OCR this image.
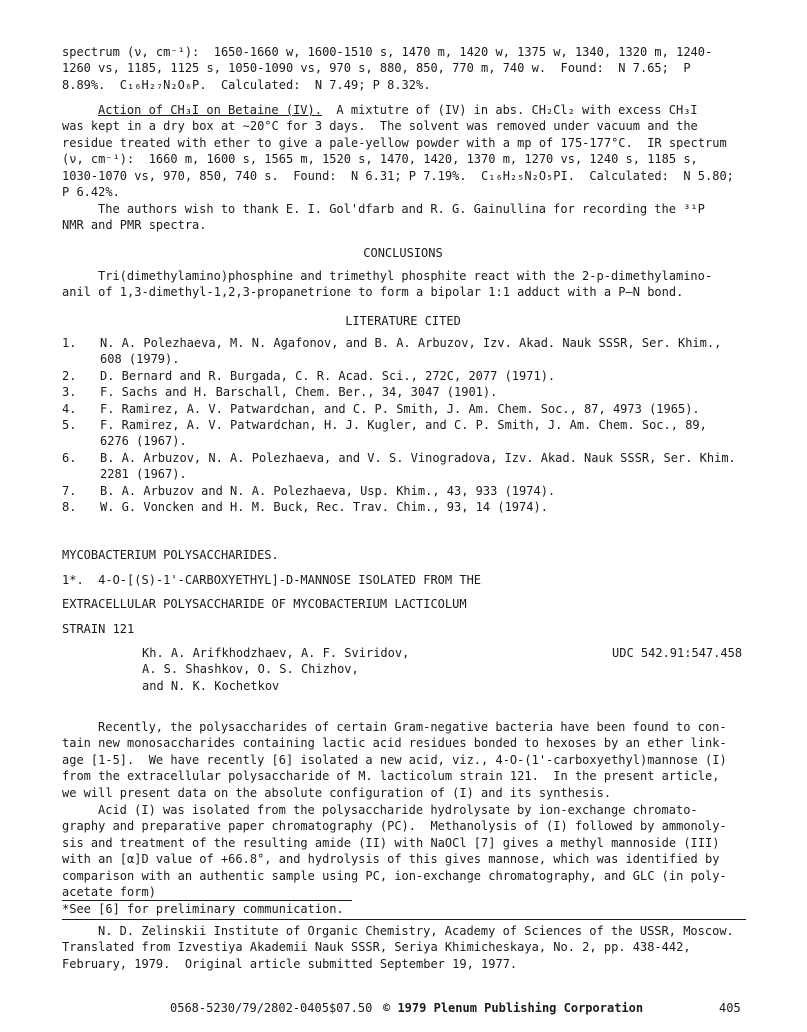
spectrum (ν, cm⁻¹):  1650-1660 w, 1600-1510 s, 1470 m, 1420 w, 1375 w, 1340, 1320 m, 1240-
1260 vs, 1185, 1125 s, 1050-1090 vs, 970 s, 880, 850, 770 m, 740 w.  Found:  N 7.65;  P
8.89%.  C₁₆H₂₇N₂O₆P.  Calculated:  N 7.49; P 8.32%.
Action of CH₃I on Betaine (IV).  A mixtutre of (IV) in abs. CH₂Cl₂ with excess CH₃I
was kept in a dry box at ∼20°C for 3 days.  The solvent was removed under vacuum and the
residue treated with ether to give a pale-yellow powder with a mp of 175-177°C.  IR spectrum
(ν, cm⁻¹):  1660 m, 1600 s, 1565 m, 1520 s, 1470, 1420, 1370 m, 1270 vs, 1240 s, 1185 s,
1030-1070 vs, 970, 850, 740 s.  Found:  N 6.31; P 7.19%.  C₁₆H₂₅N₂O₅PI.  Calculated:  N 5.80;
P 6.42%.
The authors wish to thank E. I. Gol'dfarb and R. G. Gainullina for recording the ³¹P
NMR and PMR spectra.
CONCLUSIONS
Tri(dimethylamino)phosphine and trimethyl phosphite react with the 2-p-dimethylamino-
anil of 1,3-dimethyl-1,2,3-propanetrione to form a bipolar 1:1 adduct with a P—N bond.
LITERATURE CITED
1.	N. A. Polezhaeva, M. N. Agafonov, and B. A. Arbuzov, Izv. Akad. Nauk SSSR, Ser. Khim.,
608 (1979).
2.	D. Bernard and R. Burgada, C. R. Acad. Sci., 272C, 2077 (1971).
3.	F. Sachs and H. Barschall, Chem. Ber., 34, 3047 (1901).
4.	F. Ramirez, A. V. Patwardchan, and C. P. Smith, J. Am. Chem. Soc., 87, 4973 (1965).
5.	F. Ramirez, A. V. Patwardchan, H. J. Kugler, and C. P. Smith, J. Am. Chem. Soc., 89,
6276 (1967).
6.	B. A. Arbuzov, N. A. Polezhaeva, and V. S. Vinogradova, Izv. Akad. Nauk SSSR, Ser. Khim.
2281 (1967).
7.	B. A. Arbuzov and N. A. Polezhaeva, Usp. Khim., 43, 933 (1974).
8.	W. G. Voncken and H. M. Buck, Rec. Trav. Chim., 93, 14 (1974).
MYCOBACTERIUM POLYSACCHARIDES.
1*.  4-O-[(S)-1'-CARBOXYETHYL]-D-MANNOSE ISOLATED FROM THE
EXTRACELLULAR POLYSACCHARIDE OF MYCOBACTERIUM LACTICOLUM
STRAIN 121
Kh. A. Arifkhodzhaev, A. F. Sviridov,
A. S. Shashkov, O. S. Chizhov,
and N. K. Kochetkov
UDC 542.91:547.458
Recently, the polysaccharides of certain Gram-negative bacteria have been found to con-
tain new monosaccharides containing lactic acid residues bonded to hexoses by an ether link-
age [1-5].  We have recently [6] isolated a new acid, viz., 4-O-(1'-carboxyethyl)mannose (I)
from the extracellular polysaccharide of M. lacticolum strain 121.  In the present article,
we will present data on the absolute configuration of (I) and its synthesis.
Acid (I) was isolated from the polysaccharide hydrolysate by ion-exchange chromato-
graphy and preparative paper chromatography (PC).  Methanolysis of (I) followed by ammonoly-
sis and treatment of the resulting amide (II) with NaOCl [7] gives a methyl mannoside (III)
with an [α]D value of +66.8°, and hydrolysis of this gives mannose, which was identified by
comparison with an authentic sample using PC, ion-exchange chromatography, and GLC (in poly-
acetate form)
*See [6] for preliminary communication.
N. D. Zelinskii Institute of Organic Chemistry, Academy of Sciences of the USSR, Moscow.
Translated from Izvestiya Akademii Nauk SSSR, Seriya Khimicheskaya, No. 2, pp. 438-442,
February, 1979.  Original article submitted September 19, 1977.
0568-5230/79/2802-0405$07.50 © 1979 Plenum Publishing Corporation	405
